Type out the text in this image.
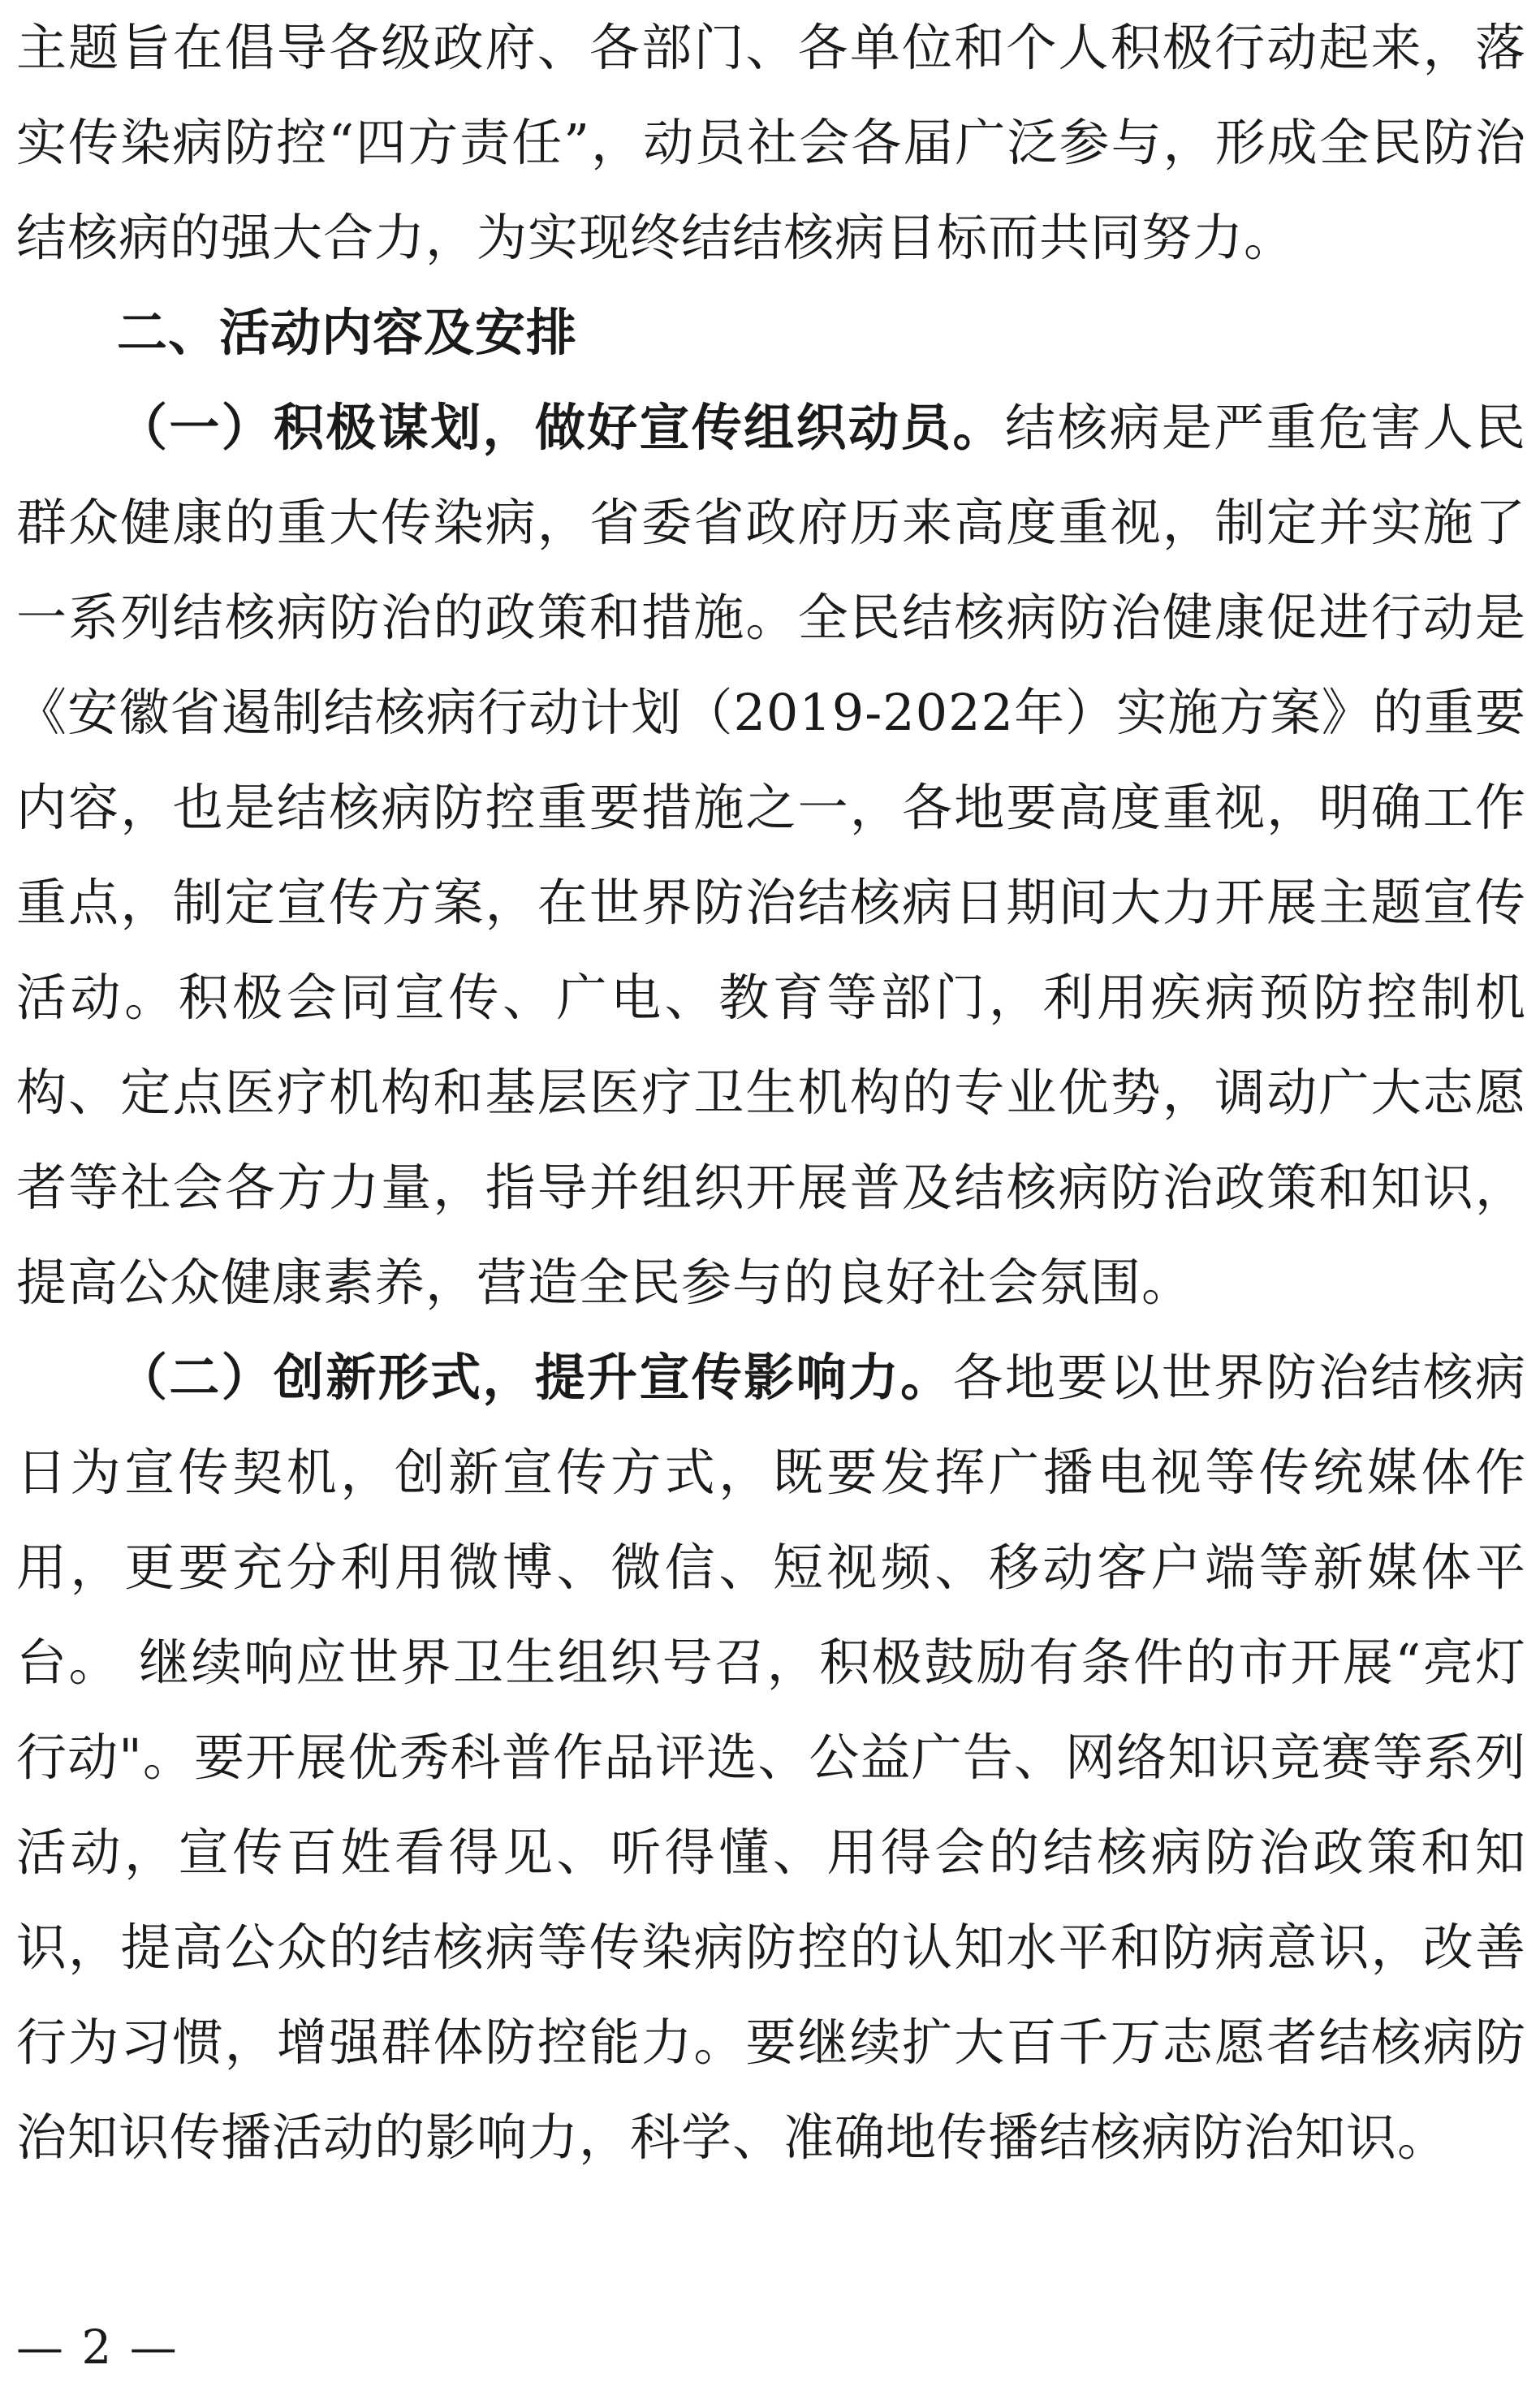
主题旨在倡导各级政府、各部门、各单位和个人积极行动起来，落实传染病防控“四方责任”，动员社会各届广泛参与，形成全民防治结核病的强大合力，为实现终结结核病目标而共同努力。

二、活动内容及安排

（一）积极谋划，做好宣传组织动员。结核病是严重危害人民群众健康的重大传染病，省委省政府历来高度重视，制定并实施了一系列结核病防治的政策和措施。全民结核病防治健康促进行动是《安徽省遏制结核病行动计划（2019-2022年）实施方案》的重要内容，也是结核病防控重要措施之一，各地要高度重视，明确工作重点，制定宣传方案，在世界防治结核病日期间大力开展主题宣传活动。积极会同宣传、广电、教育等部门，利用疾病预防控制机构、定点医疗机构和基层医疗卫生机构的专业优势，调动广大志愿者等社会各方力量，指导并组织开展普及结核病防治政策和知识，提高公众健康素养，营造全民参与的良好社会氛围。

（二）创新形式，提升宣传影响力。各地要以世界防治结核病日为宣传契机，创新宣传方式，既要发挥广播电视等传统媒体作用，更要充分利用微博、微信、短视频、移动客户端等新媒体平台。 继续响应世界卫生组织号召，积极鼓励有条件的市开展“亮灯行动"。要开展优秀科普作品评选、公益广告、网络知识竞赛等系列活动，宣传百姓看得见、听得懂、用得会的结核病防治政策和知识，提高公众的结核病等传染病防控的认知水平和防病意识，改善行为习惯，增强群体防控能力。要继续扩大百千万志愿者结核病防治知识传播活动的影响力，科学、准确地传播结核病防治知识。

— 2 —
